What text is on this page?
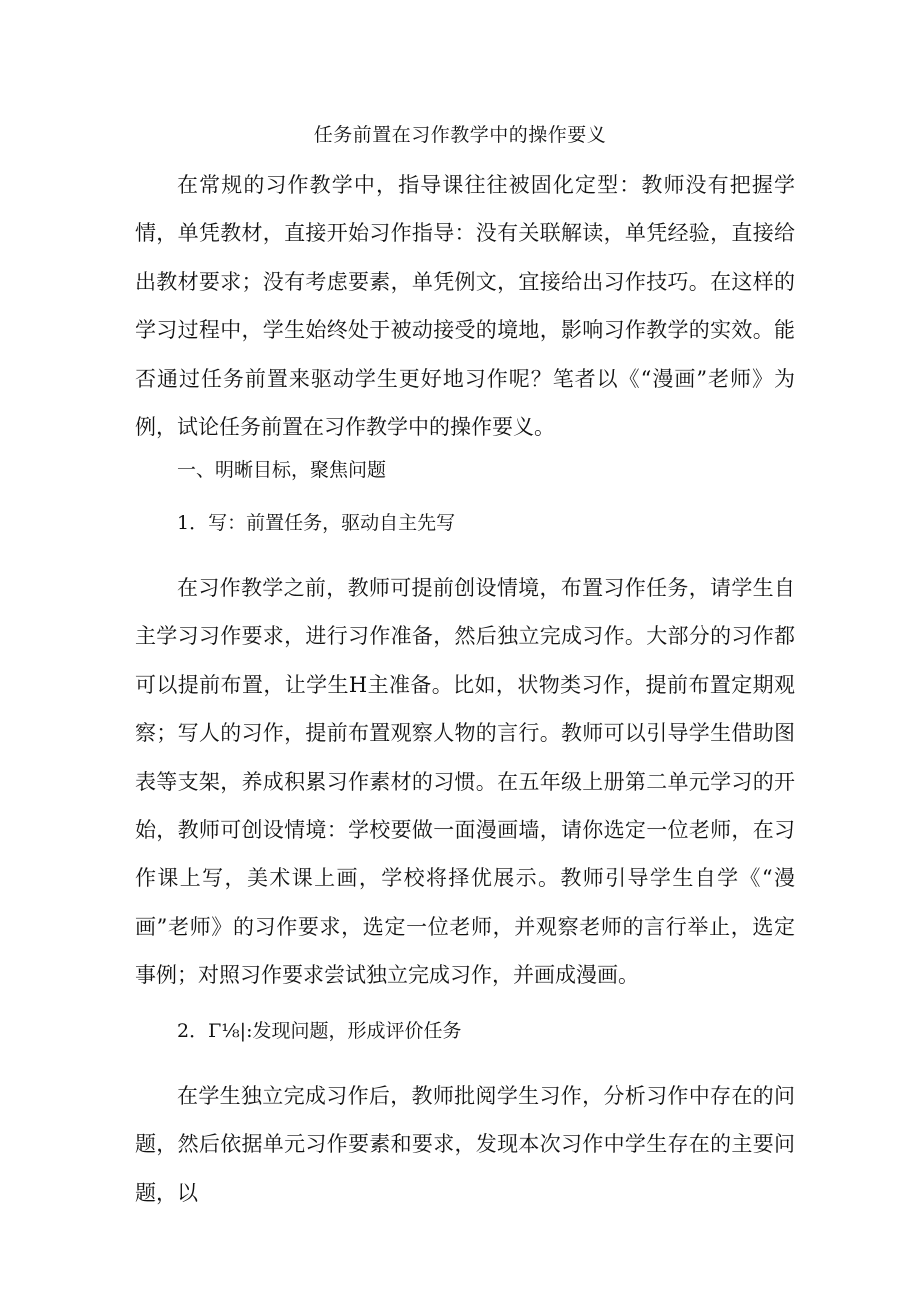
任务前置在习作教学中的操作要义

在常规的习作教学中，指导课往往被固化定型：教师没有把握学情，单凭教材，直接开始习作指导：没有关联解读，单凭经验，直接给出教材要求；没有考虑要素，单凭例文，宜接给出习作技巧。在这样的学习过程中，学生始终处于被动接受的境地，影响习作教学的实效。能否通过任务前置来驱动学生更好地习作呢？笔者以《“漫画”老师》为例，试论任务前置在习作教学中的操作要义。

一、明晰目标，聚焦问题

1．写：前置任务，驱动自主先写

在习作教学之前，教师可提前创设情境，布置习作任务，请学生自主学习习作要求，进行习作准备，然后独立完成习作。大部分的习作都可以提前布置，让学生H主准备。比如，状物类习作，提前布置定期观察；写人的习作，提前布置观察人物的言行。教师可以引导学生借助图表等支架，养成积累习作素材的习惯。在五年级上册第二单元学习的开始，教师可创设情境：学校要做一面漫画墙，请你选定一位老师，在习作课上写，美术课上画，学校将择优展示。教师引导学生自学《“漫画”老师》的习作要求，选定一位老师，并观察老师的言行举止，选定事例；对照习作要求尝试独立完成习作，并画成漫画。

2．Γ⅛|:发现问题，形成评价任务

在学生独立完成习作后，教师批阅学生习作，分析习作中存在的问题，然后依据单元习作要素和要求，发现本次习作中学生存在的主要问题，以
